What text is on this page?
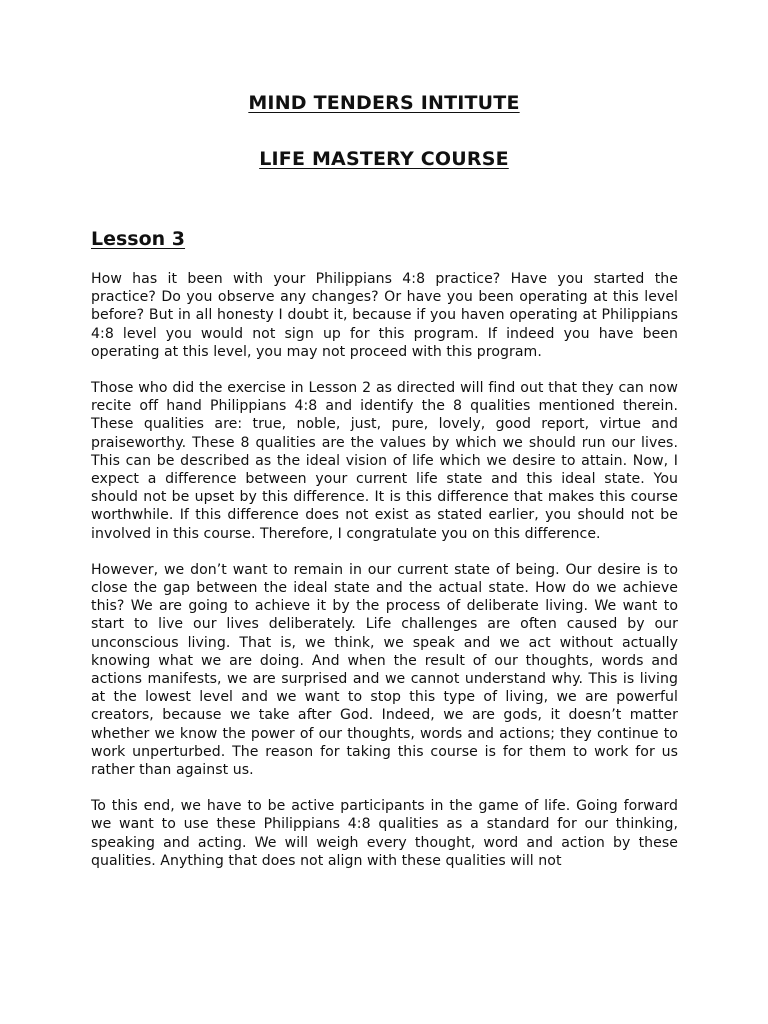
MIND TENDERS INTITUTE
LIFE MASTERY COURSE
Lesson 3

How has it been with your Philippians 4:8 practice? Have you started the practice? Do you observe any changes? Or have you been operating at this level before? But in all honesty I doubt it, because if you haven operating at Philippians 4:8 level you would not sign up for this program. If indeed you have been operating at this level, you may not proceed with this program.

Those who did the exercise in Lesson 2 as directed will find out that they can now recite off hand Philippians 4:8 and identify the 8 qualities mentioned therein. These qualities are: true, noble, just, pure, lovely, good report, virtue and praiseworthy. These 8 qualities are the values by which we should run our lives. This can be described as the ideal vision of life which we desire to attain. Now, I expect a difference between your current life state and this ideal state. You should not be upset by this difference. It is this difference that makes this course worthwhile. If this difference does not exist as stated earlier, you should not be involved in this course. Therefore, I congratulate you on this difference.

However, we don’t want to remain in our current state of being. Our desire is to close the gap between the ideal state and the actual state. How do we achieve this? We are going to achieve it by the process of deliberate living. We want to start to live our lives deliberately. Life challenges are often caused by our unconscious living. That is, we think, we speak and we act without actually knowing what we are doing. And when the result of our thoughts, words and actions manifests, we are surprised and we cannot understand why. This is living at the lowest level and we want to stop this type of living, we are powerful creators, because we take after God. Indeed, we are gods, it doesn’t matter whether we know the power of our thoughts, words and actions; they continue to work unperturbed. The reason for taking this course is for them to work for us rather than against us.

To this end, we have to be active participants in the game of life. Going forward we want to use these Philippians 4:8 qualities as a standard for our thinking, speaking and acting. We will weigh every thought, word and action by these qualities. Anything that does not align with these qualities will not
